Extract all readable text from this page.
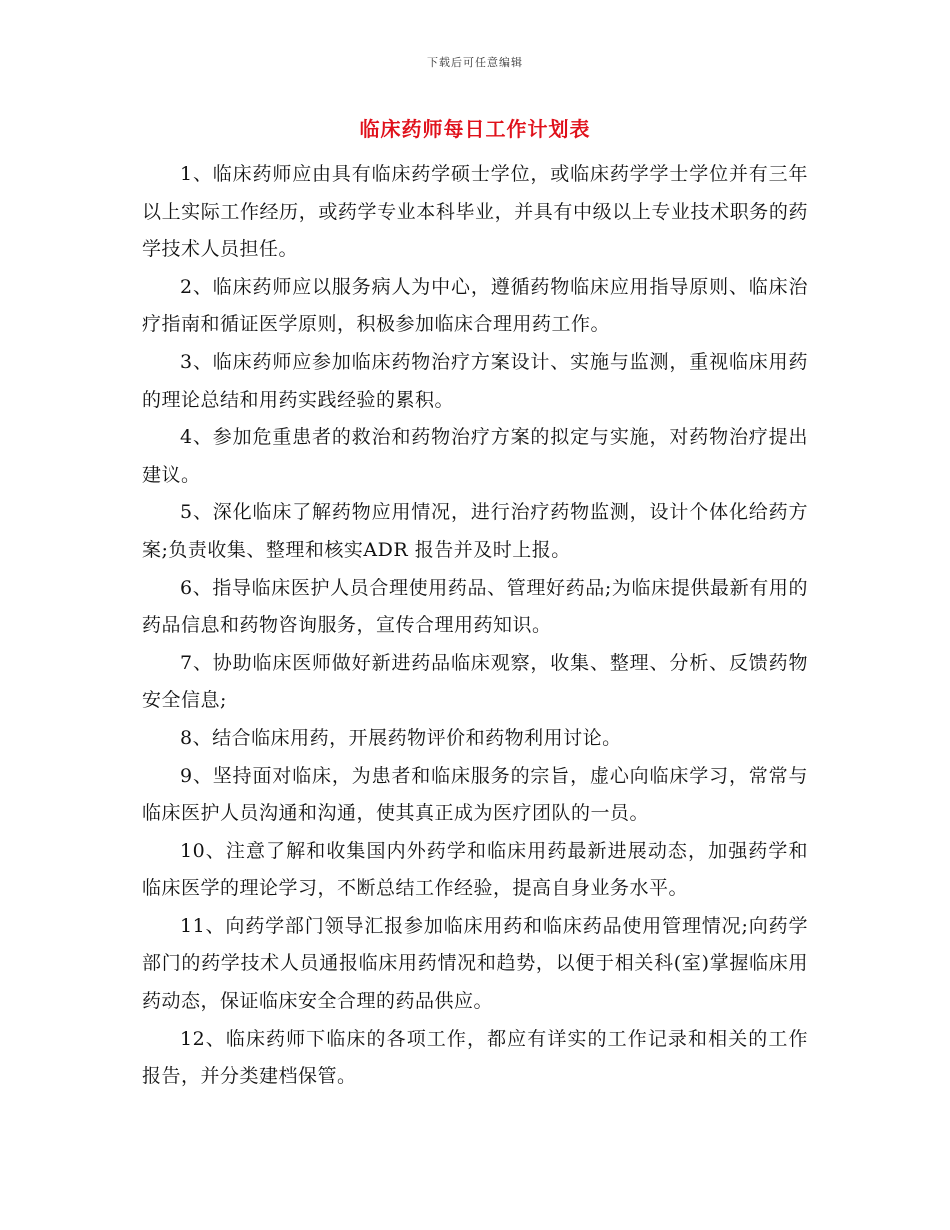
下载后可任意编辑
临床药师每日工作计划表

1、临床药师应由具有临床药学硕士学位，或临床药学学士学位并有三年以上实际工作经历，或药学专业本科毕业，并具有中级以上专业技术职务的药学技术人员担任。

2、临床药师应以服务病人为中心，遵循药物临床应用指导原则、临床治疗指南和循证医学原则，积极参加临床合理用药工作。

3、临床药师应参加临床药物治疗方案设计、实施与监测，重视临床用药的理论总结和用药实践经验的累积。

4、参加危重患者的救治和药物治疗方案的拟定与实施，对药物治疗提出建议。

5、深化临床了解药物应用情况，进行治疗药物监测，设计个体化给药方案;负责收集、整理和核实ADR 报告并及时上报。

6、指导临床医护人员合理使用药品、管理好药品;为临床提供最新有用的药品信息和药物咨询服务，宣传合理用药知识。

7、协助临床医师做好新进药品临床观察，收集、整理、分析、反馈药物安全信息;

8、结合临床用药，开展药物评价和药物利用讨论。

9、坚持面对临床，为患者和临床服务的宗旨，虚心向临床学习，常常与临床医护人员沟通和沟通，使其真正成为医疗团队的一员。

10、注意了解和收集国内外药学和临床用药最新进展动态，加强药学和临床医学的理论学习，不断总结工作经验，提高自身业务水平。

11、向药学部门领导汇报参加临床用药和临床药品使用管理情况;向药学部门的药学技术人员通报临床用药情况和趋势，以便于相关科(室)掌握临床用药动态，保证临床安全合理的药品供应。

12、临床药师下临床的各项工作，都应有详实的工作记录和相关的工作报告，并分类建档保管。
